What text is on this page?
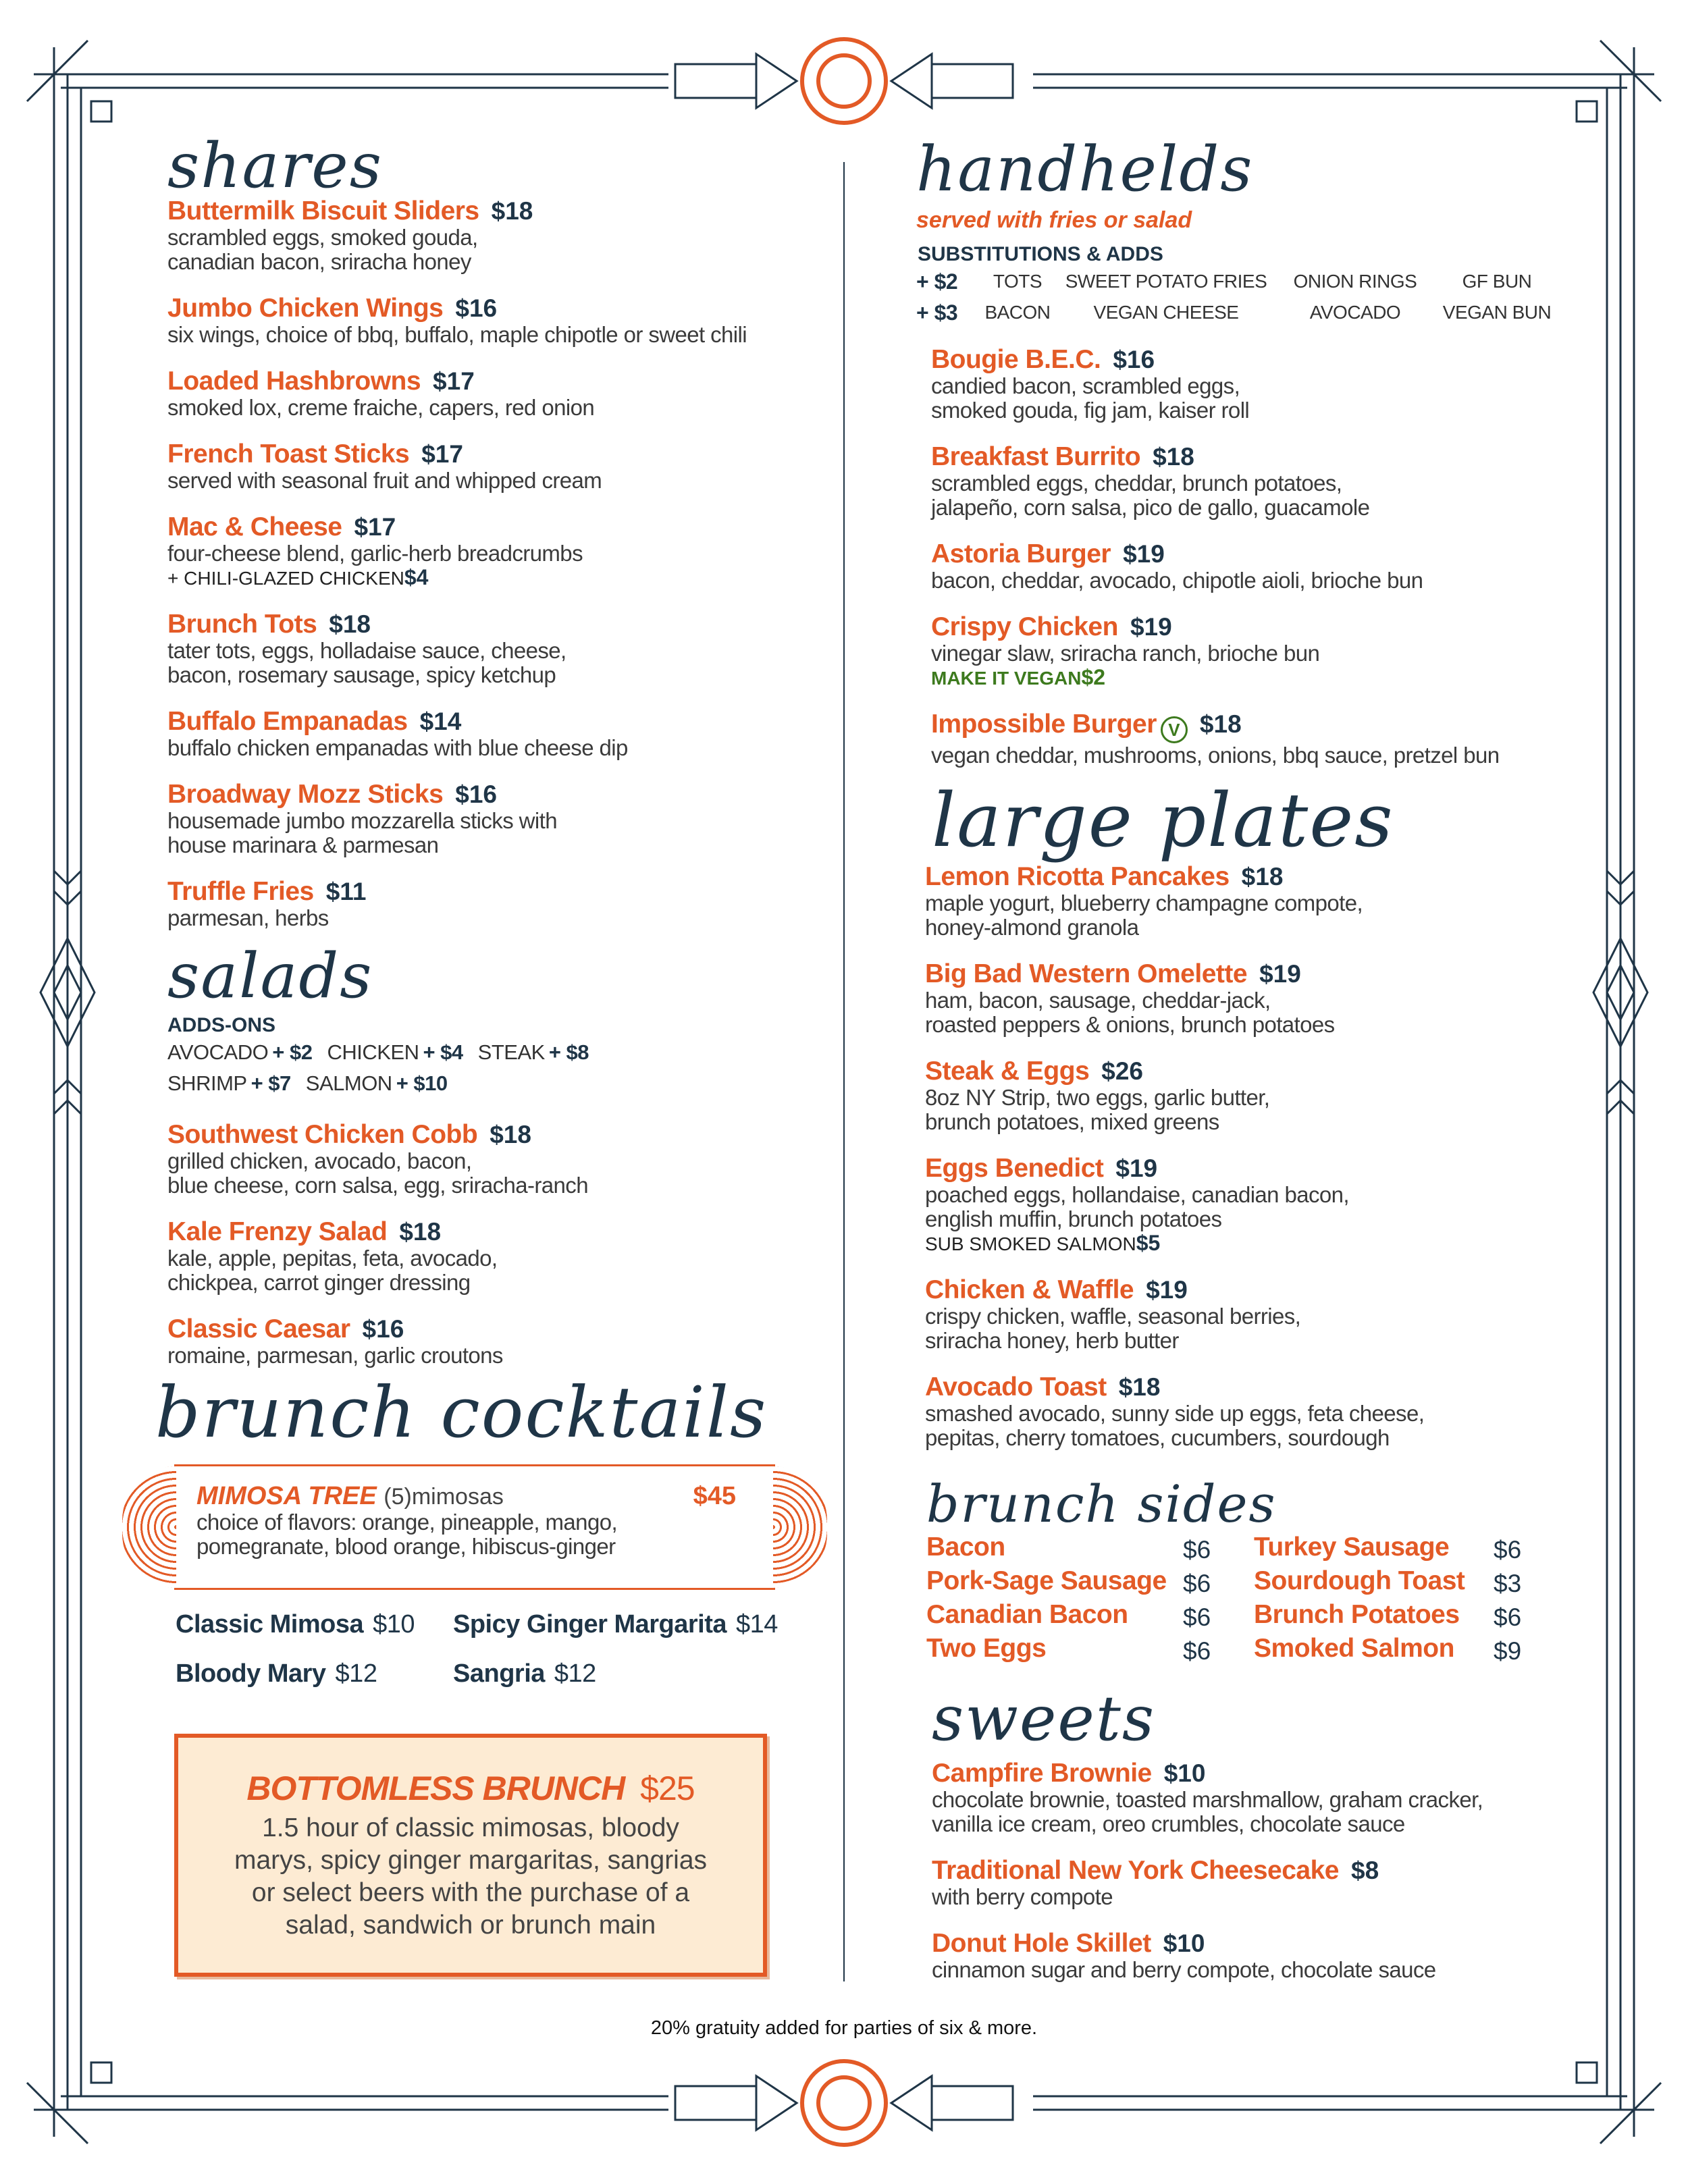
shares
Buttermilk Biscuit Sliders $18
scrambled eggs, smoked gouda,
canadian bacon, sriracha honey
Jumbo Chicken Wings $16
six wings, choice of bbq, buffalo, maple chipotle or sweet chili
Loaded Hashbrowns $17
smoked lox, creme fraiche, capers, red onion
French Toast Sticks $17
served with seasonal fruit and whipped cream
Mac & Cheese $17
four-cheese blend, garlic-herb breadcrumbs
+ CHILI-GLAZED CHICKEN$4
Brunch Tots $18
tater tots, eggs, holladaise sauce, cheese,
bacon, rosemary sausage, spicy ketchup
Buffalo Empanadas $14
buffalo chicken empanadas with blue cheese dip
Broadway Mozz Sticks $16
housemade jumbo mozzarella sticks with
house marinara & parmesan
Truffle Fries $11
parmesan, herbs
salads
ADDS-ONS
AVOCADO + $2 CHICKEN + $4 STEAK + $8
SHRIMP + $7 SALMON + $10
Southwest Chicken Cobb $18
grilled chicken, avocado, bacon,
blue cheese, corn salsa, egg, sriracha-ranch
Kale Frenzy Salad $18
kale, apple, pepitas, feta, avocado,
chickpea, carrot ginger dressing
Classic Caesar $16
romaine, parmesan, garlic croutons
brunch cocktails
MIMOSA TREE (5)mimosas	$45
choice of flavors: orange, pineapple, mango,
pomegranate, blood orange, hibiscus-ginger
Classic Mimosa $10 Spicy Ginger Margarita $14
Bloody Mary $12	Sangria $12
BOTTOMLESS BRUNCH $25
1.5 hour of classic mimosas, bloody
marys, spicy ginger margaritas, sangrias
or select beers with the purchase of a
salad, sandwich or brunch main
handhelds
served with fries or salad
SUBSTITUTIONS & ADDS
+ $2	TOTS	SWEET POTATO FRIES	ONION RINGS	GF BUN
+ $3	BACON	VEGAN CHEESE	AVOCADO	VEGAN BUN
Bougie B.E.C. $16
candied bacon, scrambled eggs,
smoked gouda, fig jam, kaiser roll
Breakfast Burrito $18
scrambled eggs, cheddar, brunch potatoes,
jalapeño, corn salsa, pico de gallo, guacamole
Astoria Burger $19
bacon, cheddar, avocado, chipotle aioli, brioche bun
Crispy Chicken $19
vinegar slaw, sriracha ranch, brioche bun
MAKE IT VEGAN$2
Impossible Burger V $18
vegan cheddar, mushrooms, onions, bbq sauce, pretzel bun
large plates
Lemon Ricotta Pancakes $18
maple yogurt, blueberry champagne compote,
honey-almond granola
Big Bad Western Omelette $19
ham, bacon, sausage, cheddar-jack,
roasted peppers & onions, brunch potatoes
Steak & Eggs $26
8oz NY Strip, two eggs, garlic butter,
brunch potatoes, mixed greens
Eggs Benedict $19
poached eggs, hollandaise, canadian bacon,
english muffin, brunch potatoes
SUB SMOKED SALMON$5
Chicken & Waffle $19
crispy chicken, waffle, seasonal berries,
sriracha honey, herb butter
Avocado Toast $18
smashed avocado, sunny side up eggs, feta cheese,
pepitas, cherry tomatoes, cucumbers, sourdough
brunch sides
Bacon	$6	Turkey Sausage	$6
Pork-Sage Sausage $6	Sourdough Toast	$3
Canadian Bacon	$6	Brunch Potatoes	$6
Two Eggs	$6	Smoked Salmon	$9
sweets
Campfire Brownie $10
chocolate brownie, toasted marshmallow, graham cracker,
vanilla ice cream, oreo crumbles, chocolate sauce
Traditional New York Cheesecake $8
with berry compote
Donut Hole Skillet $10
cinnamon sugar and berry compote, chocolate sauce
20% gratuity added for parties of six & more.
